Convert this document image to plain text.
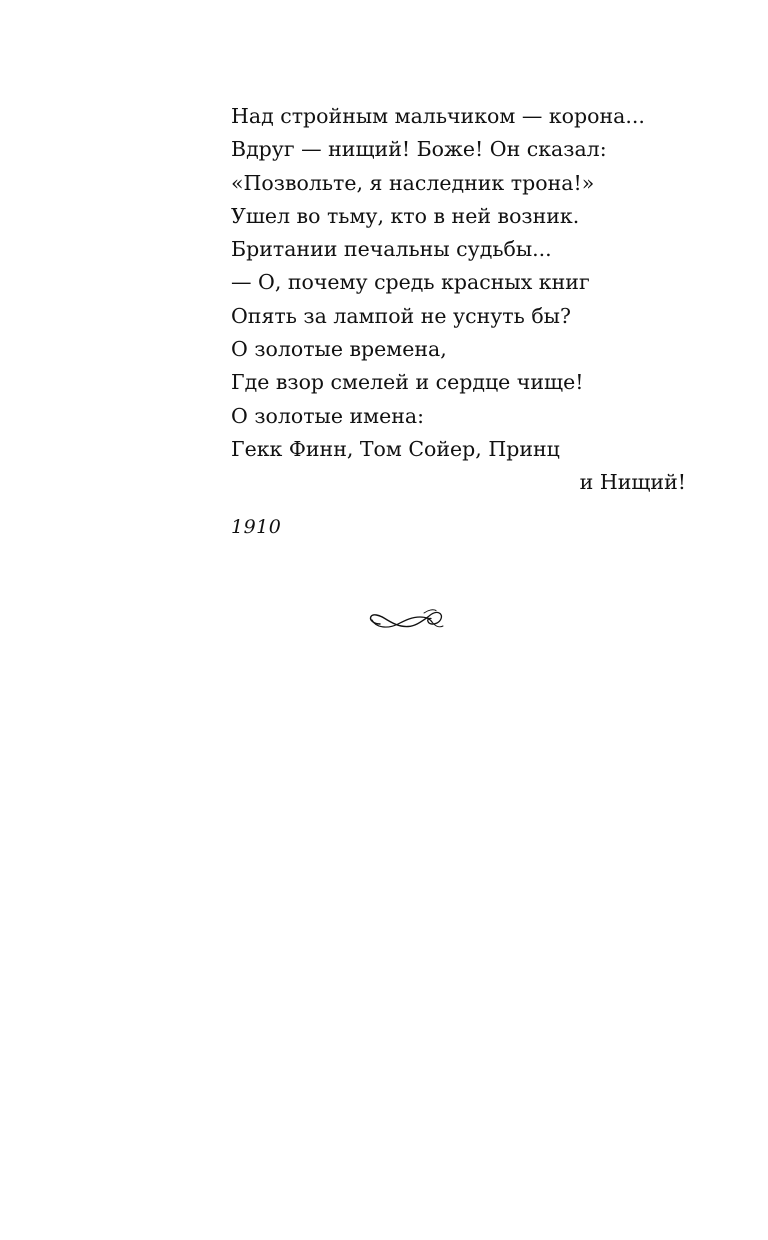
Над стройным мальчиком — корона...
Вдруг — нищий! Боже! Он сказал:
«Позвольте, я наследник трона!»
Ушел во тьму, кто в ней возник.
Британии печальны судьбы...
— О, почему средь красных книг
Опять за лампой не уснуть бы?
О золотые времена,
Где взор смелей и сердце чище!
О золотые имена:
Гекк Финн, Том Сойер, Принц
и Нищий!
1910
